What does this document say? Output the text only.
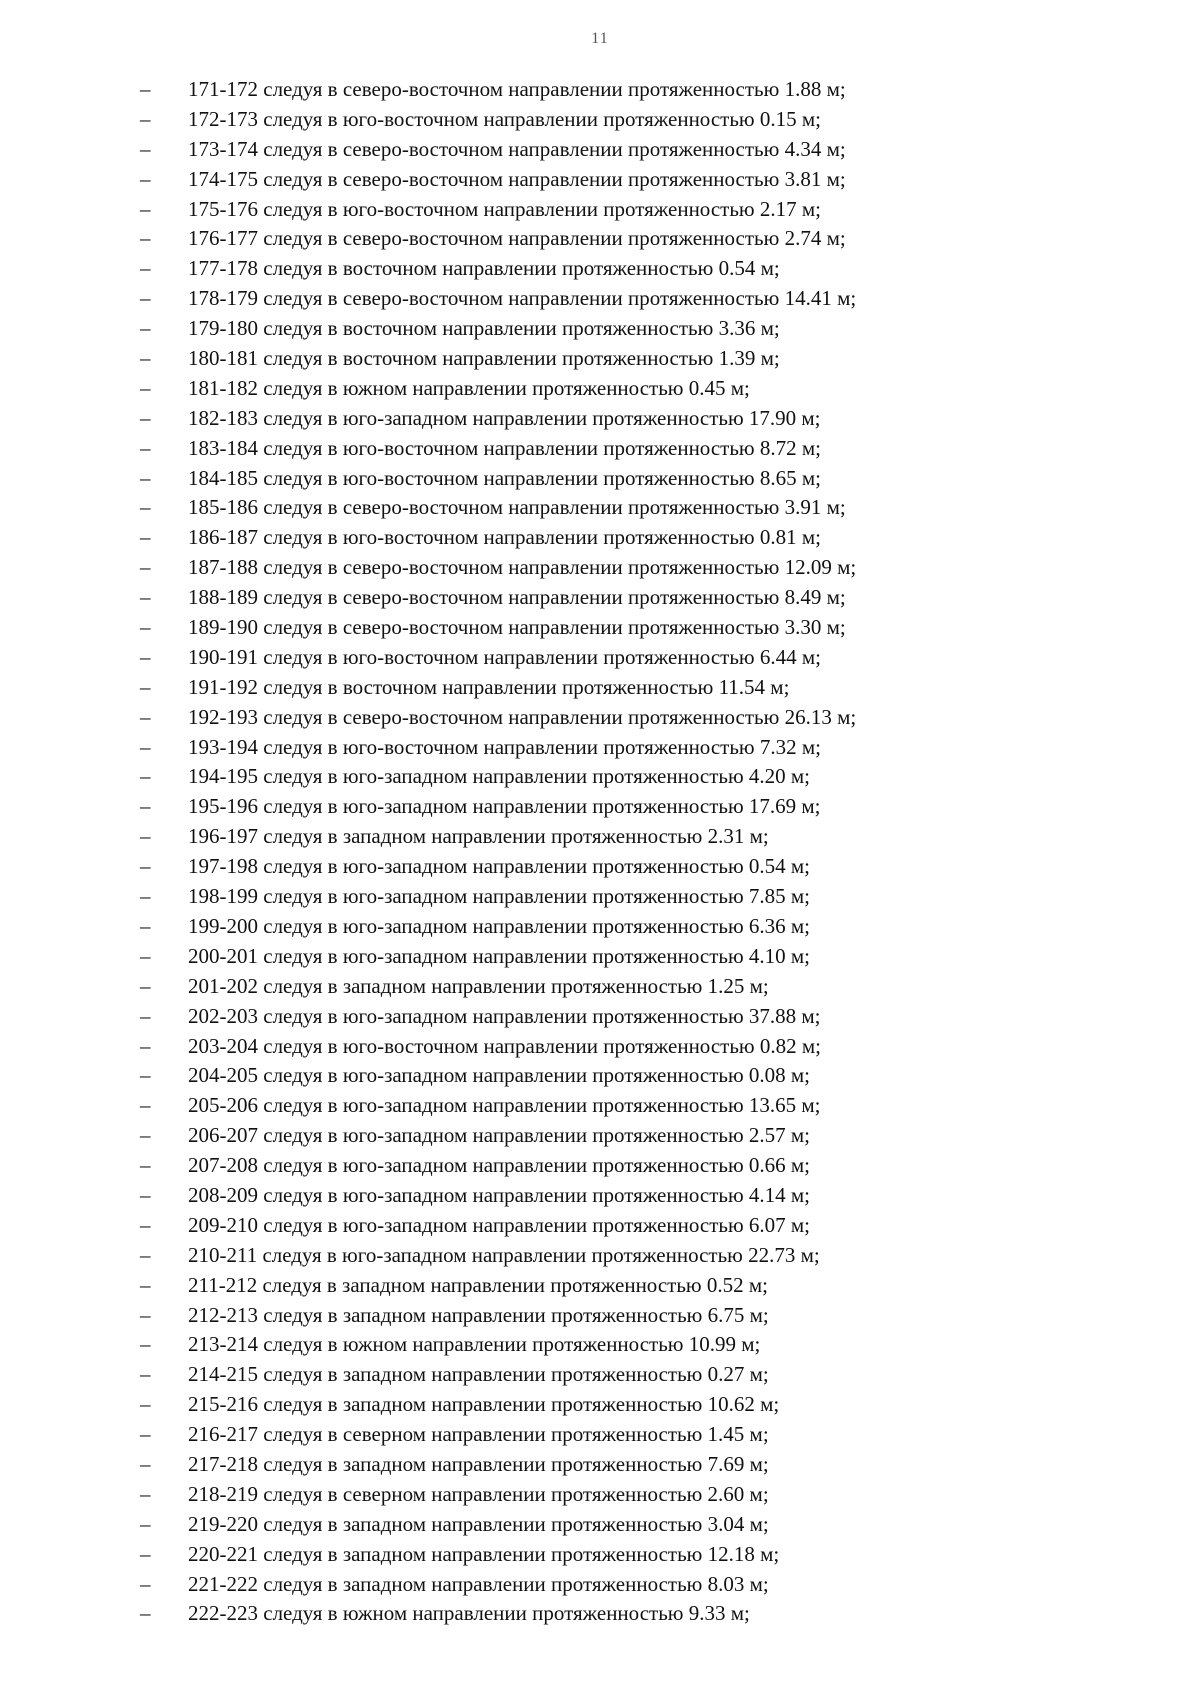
11
–	171-172 следуя в северо-восточном направлении протяженностью 1.88 м;
–	172-173 следуя в юго-восточном направлении протяженностью 0.15 м;
–	173-174 следуя в северо-восточном направлении протяженностью 4.34 м;
–	174-175 следуя в северо-восточном направлении протяженностью 3.81 м;
–	175-176 следуя в юго-восточном направлении протяженностью 2.17 м;
–	176-177 следуя в северо-восточном направлении протяженностью 2.74 м;
–	177-178 следуя в восточном направлении протяженностью 0.54 м;
–	178-179 следуя в северо-восточном направлении протяженностью 14.41 м;
–	179-180 следуя в восточном направлении протяженностью 3.36 м;
–	180-181 следуя в восточном направлении протяженностью 1.39 м;
–	181-182 следуя в южном направлении протяженностью 0.45 м;
–	182-183 следуя в юго-западном направлении протяженностью 17.90 м;
–	183-184 следуя в юго-восточном направлении протяженностью 8.72 м;
–	184-185 следуя в юго-восточном направлении протяженностью 8.65 м;
–	185-186 следуя в северо-восточном направлении протяженностью 3.91 м;
–	186-187 следуя в юго-восточном направлении протяженностью 0.81 м;
–	187-188 следуя в северо-восточном направлении протяженностью 12.09 м;
–	188-189 следуя в северо-восточном направлении протяженностью 8.49 м;
–	189-190 следуя в северо-восточном направлении протяженностью 3.30 м;
–	190-191 следуя в юго-восточном направлении протяженностью 6.44 м;
–	191-192 следуя в восточном направлении протяженностью 11.54 м;
–	192-193 следуя в северо-восточном направлении протяженностью 26.13 м;
–	193-194 следуя в юго-восточном направлении протяженностью 7.32 м;
–	194-195 следуя в юго-западном направлении протяженностью 4.20 м;
–	195-196 следуя в юго-западном направлении протяженностью 17.69 м;
–	196-197 следуя в западном направлении протяженностью 2.31 м;
–	197-198 следуя в юго-западном направлении протяженностью 0.54 м;
–	198-199 следуя в юго-западном направлении протяженностью 7.85 м;
–	199-200 следуя в юго-западном направлении протяженностью 6.36 м;
–	200-201 следуя в юго-западном направлении протяженностью 4.10 м;
–	201-202 следуя в западном направлении протяженностью 1.25 м;
–	202-203 следуя в юго-западном направлении протяженностью 37.88 м;
–	203-204 следуя в юго-восточном направлении протяженностью 0.82 м;
–	204-205 следуя в юго-западном направлении протяженностью 0.08 м;
–	205-206 следуя в юго-западном направлении протяженностью 13.65 м;
–	206-207 следуя в юго-западном направлении протяженностью 2.57 м;
–	207-208 следуя в юго-западном направлении протяженностью 0.66 м;
–	208-209 следуя в юго-западном направлении протяженностью 4.14 м;
–	209-210 следуя в юго-западном направлении протяженностью 6.07 м;
–	210-211 следуя в юго-западном направлении протяженностью 22.73 м;
–	211-212 следуя в западном направлении протяженностью 0.52 м;
–	212-213 следуя в западном направлении протяженностью 6.75 м;
–	213-214 следуя в южном направлении протяженностью 10.99 м;
–	214-215 следуя в западном направлении протяженностью 0.27 м;
–	215-216 следуя в западном направлении протяженностью 10.62 м;
–	216-217 следуя в северном направлении протяженностью 1.45 м;
–	217-218 следуя в западном направлении протяженностью 7.69 м;
–	218-219 следуя в северном направлении протяженностью 2.60 м;
–	219-220 следуя в западном направлении протяженностью 3.04 м;
–	220-221 следуя в западном направлении протяженностью 12.18 м;
–	221-222 следуя в западном направлении протяженностью 8.03 м;
–	222-223 следуя в южном направлении протяженностью 9.33 м;
